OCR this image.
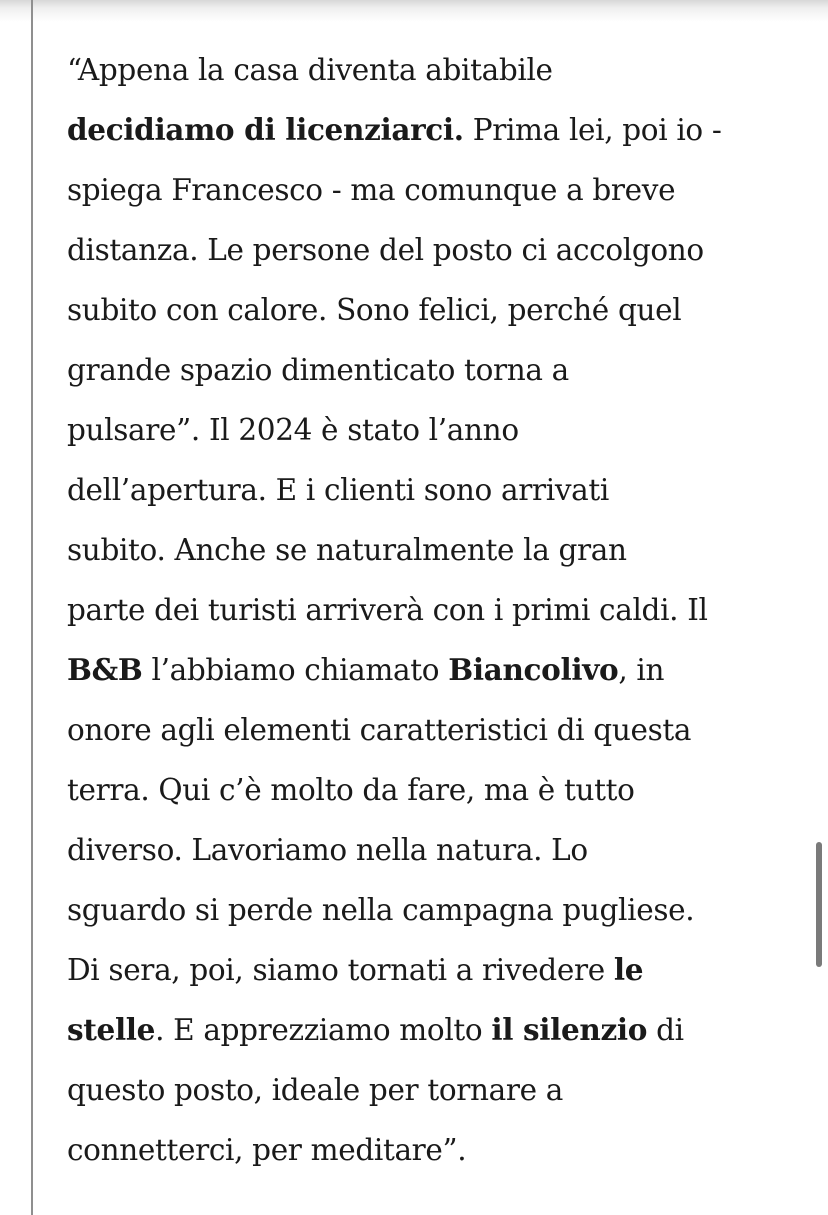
“Appena la casa diventa abitabile
decidiamo di licenziarci. Prima lei, poi io -
spiega Francesco - ma comunque a breve
distanza. Le persone del posto ci accolgono
subito con calore. Sono felici, perché quel
grande spazio dimenticato torna a
pulsare”. Il 2024 è stato l’anno
dell’apertura. E i clienti sono arrivati
subito. Anche se naturalmente la gran
parte dei turisti arriverà con i primi caldi. Il
B&B l’abbiamo chiamato Biancolivo, in
onore agli elementi caratteristici di questa
terra. Qui c’è molto da fare, ma è tutto
diverso. Lavoriamo nella natura. Lo
sguardo si perde nella campagna pugliese.
Di sera, poi, siamo tornati a rivedere le
stelle. E apprezziamo molto il silenzio di
questo posto, ideale per tornare a
connetterci, per meditare”.
